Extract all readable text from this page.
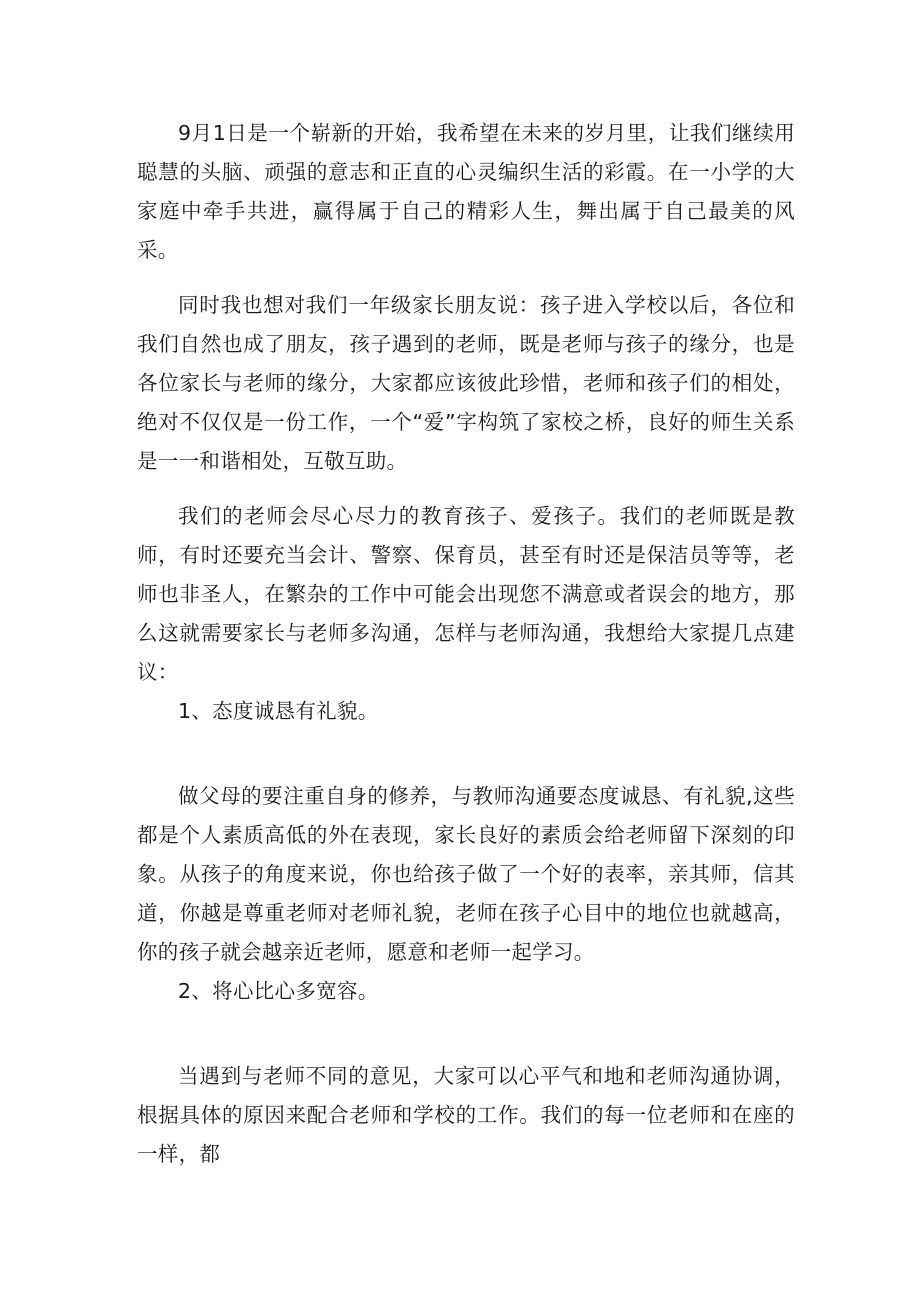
9月1日是一个崭新的开始，我希望在未来的岁月里，让我们继续用聪慧的头脑、顽强的意志和正直的心灵编织生活的彩霞。在一小学的大家庭中牵手共进，赢得属于自己的精彩人生，舞出属于自己最美的风采。

同时我也想对我们一年级家长朋友说：孩子进入学校以后，各位和我们自然也成了朋友，孩子遇到的老师，既是老师与孩子的缘分，也是各位家长与老师的缘分，大家都应该彼此珍惜，老师和孩子们的相处，绝对不仅仅是一份工作，一个“爱”字构筑了家校之桥，良好的师生关系是一一和谐相处，互敬互助。

我们的老师会尽心尽力的教育孩子、爱孩子。我们的老师既是教师，有时还要充当会计、警察、保育员，甚至有时还是保洁员等等，老师也非圣人，在繁杂的工作中可能会出现您不满意或者误会的地方，那么这就需要家长与老师多沟通，怎样与老师沟通，我想给大家提几点建议：

1、态度诚恳有礼貌。

做父母的要注重自身的修养，与教师沟通要态度诚恳、有礼貌,这些都是个人素质高低的外在表现，家长良好的素质会给老师留下深刻的印象。从孩子的角度来说，你也给孩子做了一个好的表率，亲其师，信其道，你越是尊重老师对老师礼貌，老师在孩子心目中的地位也就越高，你的孩子就会越亲近老师，愿意和老师一起学习。

2、将心比心多宽容。

当遇到与老师不同的意见，大家可以心平气和地和老师沟通协调，根据具体的原因来配合老师和学校的工作。我们的每一位老师和在座的一样，都
